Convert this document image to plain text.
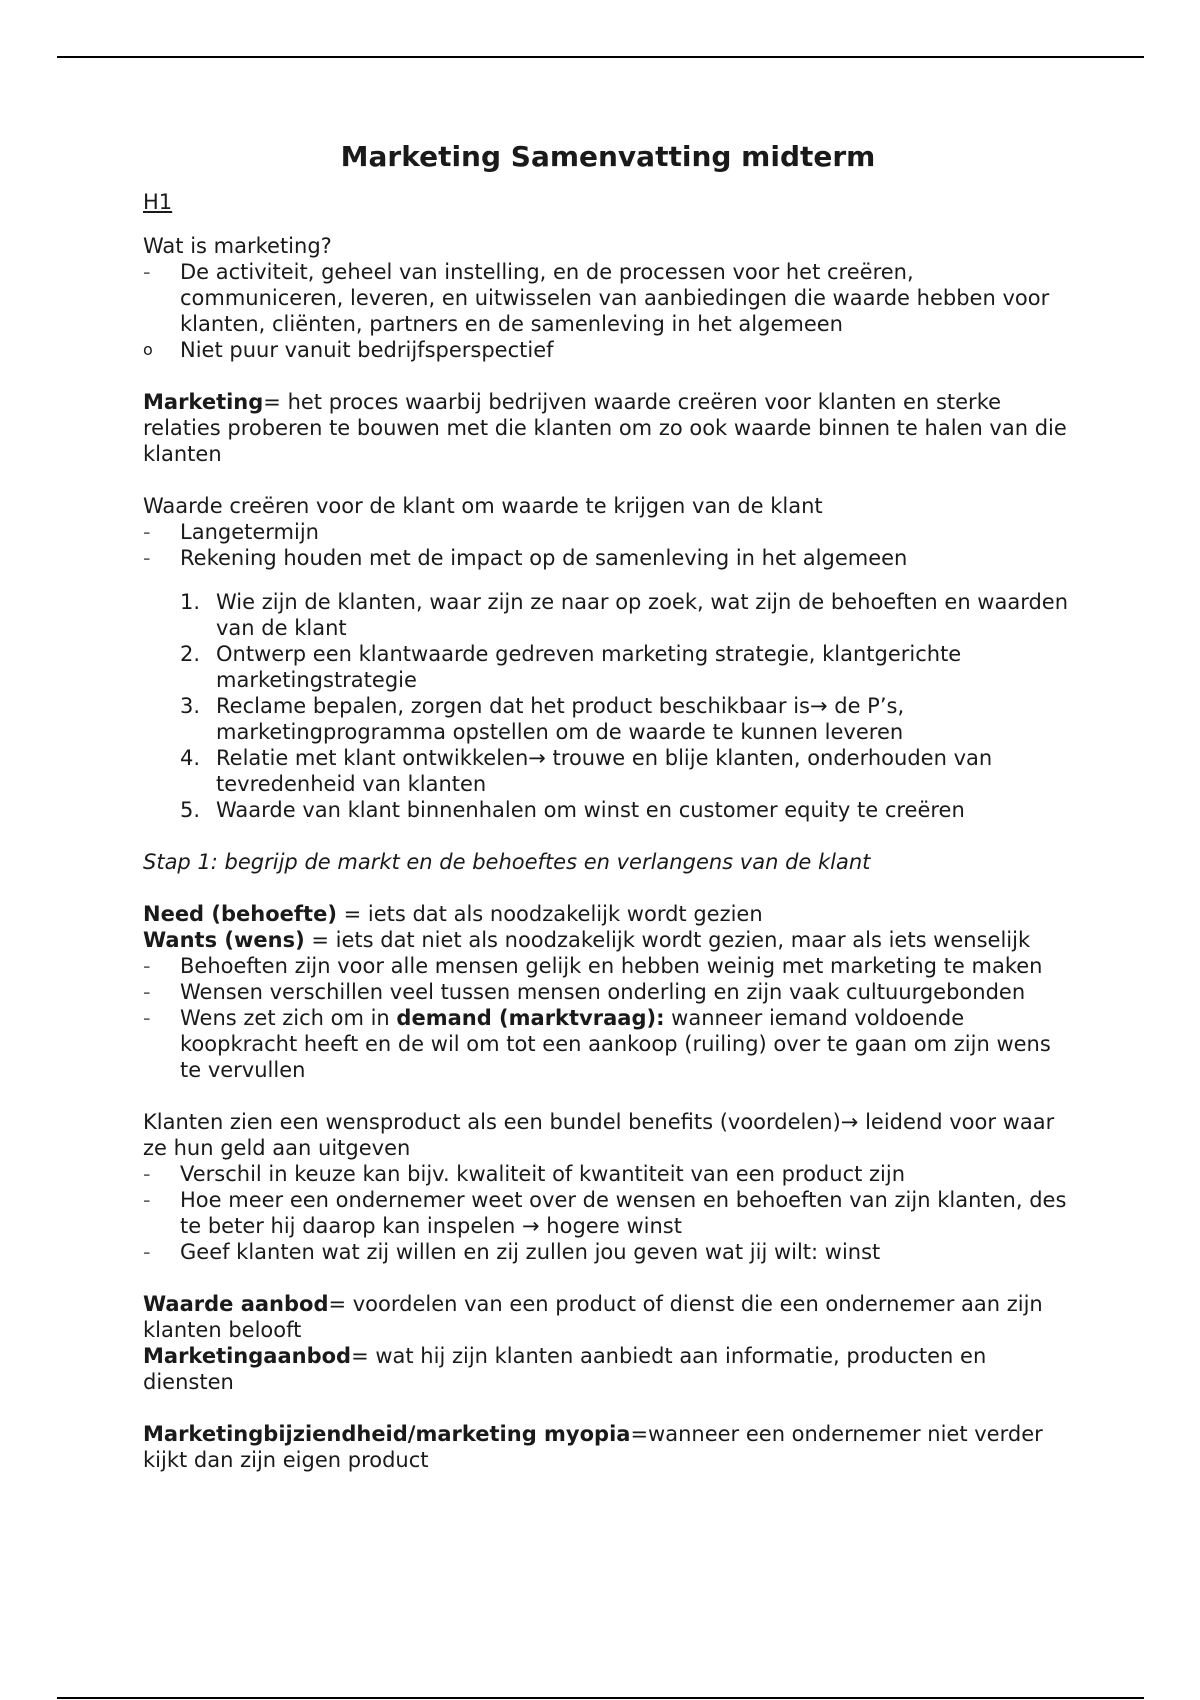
Marketing Samenvatting midterm

H1

Wat is marketing?

-	De activiteit, geheel van instelling, en de processen voor het creëren, communiceren, leveren, en uitwisselen van aanbiedingen die waarde hebben voor klanten, cliënten, partners en de samenleving in het algemeen
o	Niet puur vanuit bedrijfsperspectief

Marketing= het proces waarbij bedrijven waarde creëren voor klanten en sterke relaties proberen te bouwen met die klanten om zo ook waarde binnen te halen van die klanten

Waarde creëren voor de klant om waarde te krijgen van de klant

-	Langetermijn
-	Rekening houden met de impact op de samenleving in het algemeen
1. Wie zijn de klanten, waar zijn ze naar op zoek, wat zijn de behoeften en waarden van de klant
2. Ontwerp een klantwaarde gedreven marketing strategie, klantgerichte marketingstrategie
3. Reclame bepalen, zorgen dat het product beschikbaar is→ de P’s, marketingprogramma opstellen om de waarde te kunnen leveren
4. Relatie met klant ontwikkelen→ trouwe en blije klanten, onderhouden van tevredenheid van klanten
5. Waarde van klant binnenhalen om winst en customer equity te creëren

Stap 1: begrijp de markt en de behoeftes en verlangens van de klant

Need (behoefte) = iets dat als noodzakelijk wordt gezien

Wants (wens) = iets dat niet als noodzakelijk wordt gezien, maar als iets wenselijk

-	Behoeften zijn voor alle mensen gelijk en hebben weinig met marketing te maken
-	Wensen verschillen veel tussen mensen onderling en zijn vaak cultuurgebonden
-	Wens zet zich om in demand (marktvraag): wanneer iemand voldoende koopkracht heeft en de wil om tot een aankoop (ruiling) over te gaan om zijn wens te vervullen

Klanten zien een wensproduct als een bundel benefits (voordelen)→ leidend voor waar ze hun geld aan uitgeven

-	Verschil in keuze kan bijv. kwaliteit of kwantiteit van een product zijn
-	Hoe meer een ondernemer weet over de wensen en behoeften van zijn klanten, des te beter hij daarop kan inspelen → hogere winst
-	Geef klanten wat zij willen en zij zullen jou geven wat jij wilt: winst

Waarde aanbod= voordelen van een product of dienst die een ondernemer aan zijn klanten belooft

Marketingaanbod= wat hij zijn klanten aanbiedt aan informatie, producten en diensten

Marketingbijziendheid/marketing myopia=wanneer een ondernemer niet verder kijkt dan zijn eigen product
